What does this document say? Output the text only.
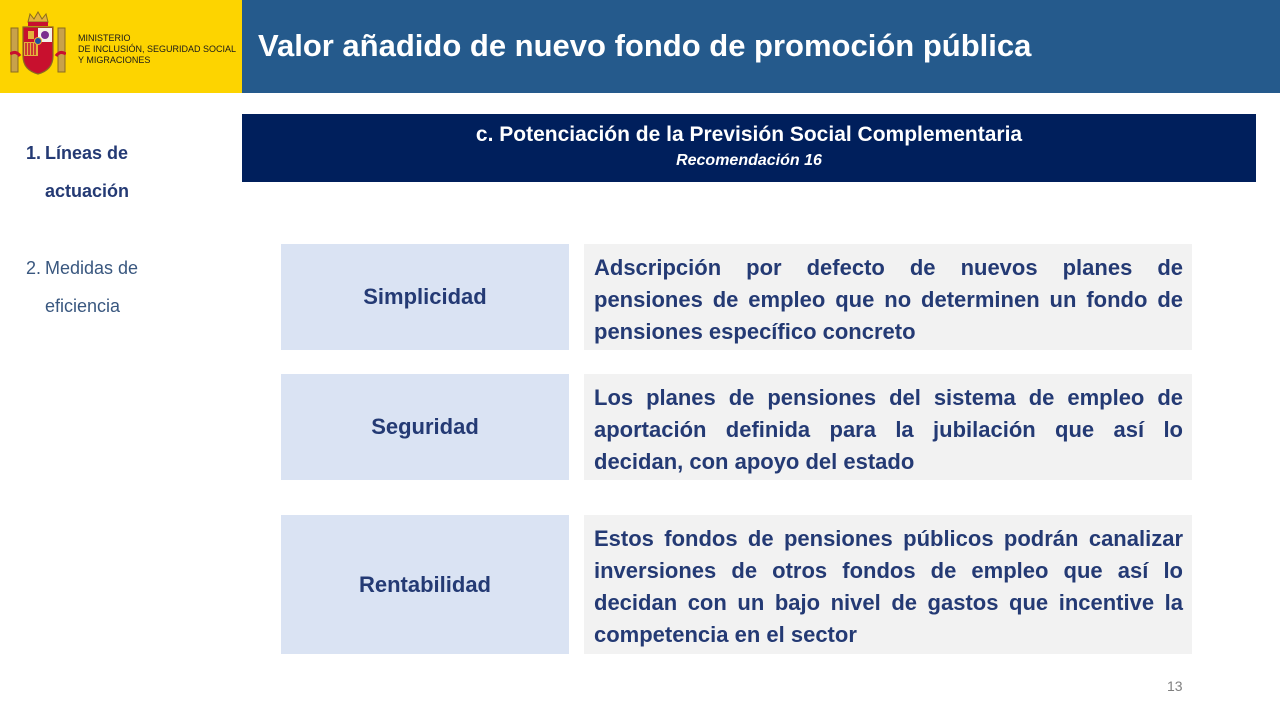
MINISTERIO
DE INCLUSIÓN, SEGURIDAD SOCIAL
Y MIGRACIONES	Valor añadido de nuevo fondo de promoción pública
1. Líneas de actuación
2. Medidas de eficiencia
c. Potenciación de la Previsión Social Complementaria
Recomendación 16
Simplicidad
Adscripción por defecto de nuevos planes de pensiones de empleo que no determinen un fondo de pensiones específico concreto
Seguridad
Los planes de pensiones del sistema de empleo de aportación definida para la jubilación que así lo decidan, con apoyo del estado
Rentabilidad
Estos fondos de pensiones públicos podrán canalizar inversiones de otros fondos de empleo que así lo decidan con un bajo nivel de gastos que incentive la competencia en el sector
13
